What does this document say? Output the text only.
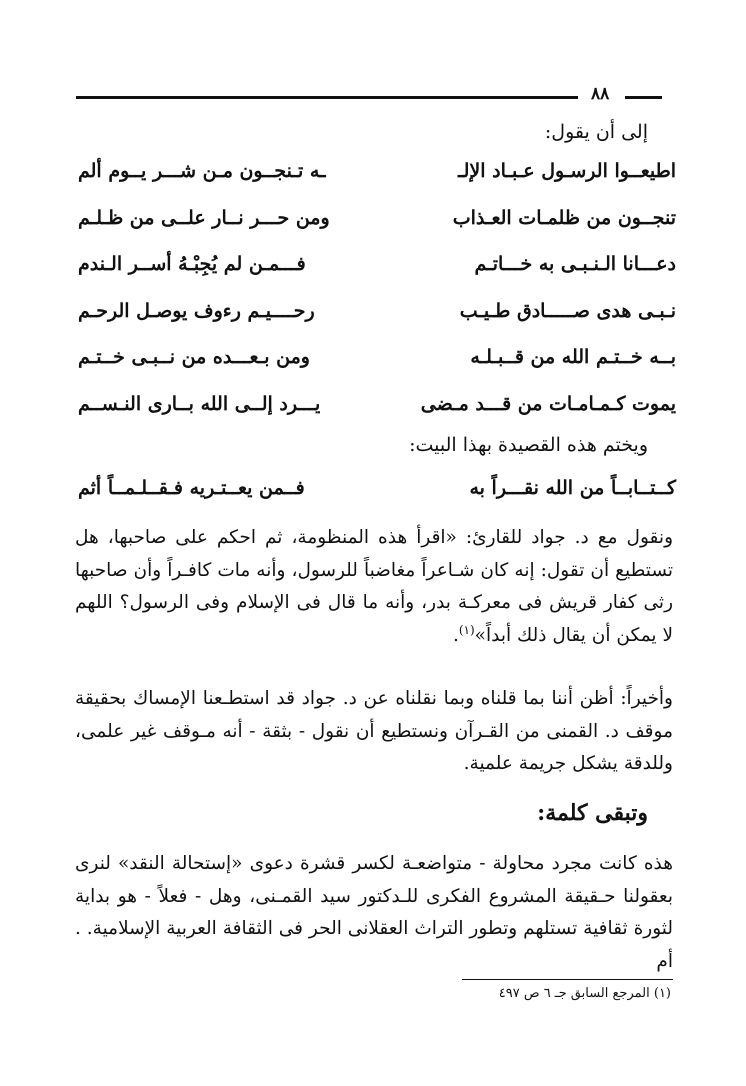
٨٨
إلى أن يقول:
اطيعــوا الرسـول عـبـاد الإلـ
ـه تـنجــون مـن شـــر يــوم ألم
تنجــون من ظلمـات العـذاب
ومن حـــر نــار علــى من ظـلـم
دعـــانا الـنـبـى به خـــاتـم
فـــمـن لم يُجِبْـهُ أســر الـندم
نـبـى هدى صـــــادق طـيـب
رحــــيـم رءوف يوصـل الرحـم
بــه خــتـم الله من قــبـلـه
ومن بـعـــده من نــبـى خــتـم
يموت كـمـامـات من قـــد مـضى
يـــرد إلــى الله بــارى النـســم
ويختم هذه القصيدة بهذا البيت:
كــتــابــاً من الله نقـــراً به
فــمن يعــتـريه فـقــلـمــاً أثم

ونقول مع د. جواد للقارئ: «اقرأ هذه المنظومة، ثم احكم على صاحبها، هل تستطيع أن تقول: إنه كان شـاعراً مغاضباً للرسول، وأنه مات كافـراً وأن صاحبها رثى كفار قريش فى معركـة بدر، وأنه ما قال فى الإسلام وفى الرسول؟ اللهم لا يمكن أن يقال ذلك أبداً»$^{(١)}$.

وأخيراً: أظن أننا بما قلناه وبما نقلناه عن د. جواد قد استطـعنا الإمساك بحقيقة موقف د. القمنى من القـرآن ونستطيع أن نقول - بثقة - أنه مـوقف غير علمى، وللدقة يشكل جريمة علمية.

وتبقى كلمة:

هذه كانت مجرد محاولة - متواضعـة لكسر قشرة دعوى «إستحالة النقد» لنرى بعقولنا حـقيقة المشروع الفكرى للـدكتور سيد القمـنى، وهل - فعلاً - هو بداية لثورة ثقافية تستلهم وتطور التراث العقلانى الحر فى الثقافة العربية الإسلامية. . أم

(١) المرجع السابق جـ ٦ ص ٤٩٧
